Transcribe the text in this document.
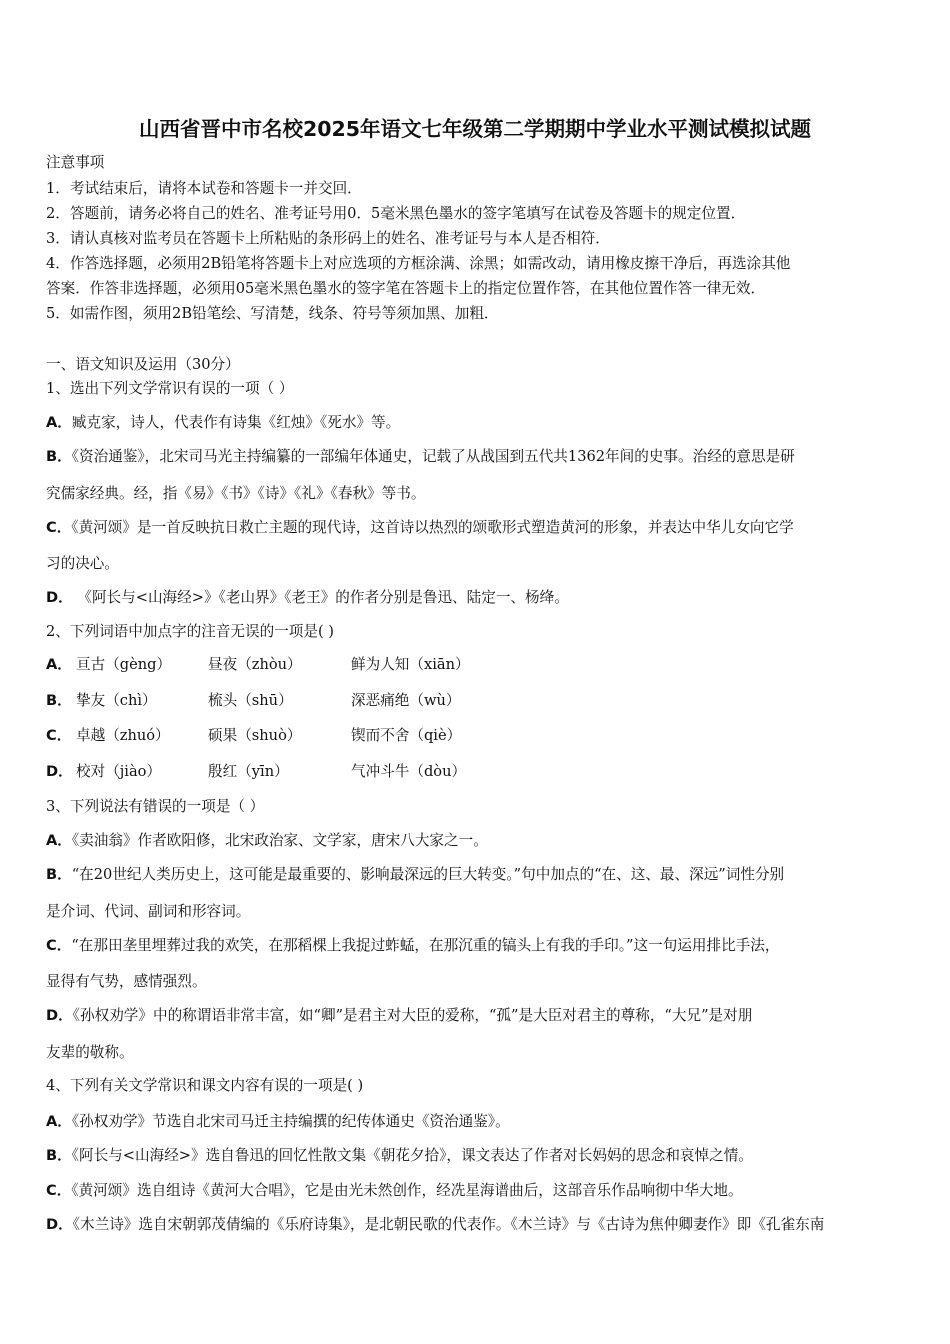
山西省晋中市名校2025年语文七年级第二学期期中学业水平测试模拟试题
注意事项
1．考试结束后，请将本试卷和答题卡一并交回．
2．答题前，请务必将自己的姓名、准考证号用0．5毫米黑色墨水的签字笔填写在试卷及答题卡的规定位置．
3．请认真核对监考员在答题卡上所粘贴的条形码上的姓名、准考证号与本人是否相符．
4．作答选择题，必须用2B铅笔将答题卡上对应选项的方框涂满、涂黑；如需改动，请用橡皮擦干净后，再选涂其他
答案．作答非选择题，必须用05毫米黑色墨水的签字笔在答题卡上的指定位置作答，在其他位置作答一律无效．
5．如需作图，须用2B铅笔绘、写清楚，线条、符号等须加黑、加粗．
一、语文知识及运用（30分）
1、选出下列文学常识有误的一项（ ）
A．臧克家，诗人，代表作有诗集《红烛》《死水》等。
B．《资治通鉴》，北宋司马光主持编纂的一部编年体通史，记载了从战国到五代共1362年间的史事。治经的意思是研
究儒家经典。经，指《易》《书》《诗》《礼》《春秋》等书。
C．《黄河颂》是一首反映抗日救亡主题的现代诗，这首诗以热烈的颂歌形式塑造黄河的形象，并表达中华儿女向它学
习的决心。
D． 《阿长与<山海经>》《老山界》《老王》的作者分别是鲁迅、陆定一、杨绛。
2、下列词语中加点字的注音无误的一项是( )
A． 亘古（gèng）	昼夜（zhòu）	鲜为人知（xiān）
B． 挚友（chì）	梳头（shū）	深恶痛绝（wù）
C． 卓越（zhuó）	硕果（shuò）	锲而不舍（qiè）
D． 校对（jiào）	殷红（yīn）	气冲斗牛（dòu）
3、下列说法有错误的一项是（ ）
A．《卖油翁》作者欧阳修，北宋政治家、文学家，唐宋八大家之一。
B．“在20世纪人类历史上，这可能是最重要的、影响最深远的巨大转变。”句中加点的“在、这、最、深远”词性分别
是介词、代词、副词和形容词。
C．“在那田垄里埋葬过我的欢笑，在那稻棵上我捉过蚱蜢，在那沉重的镐头上有我的手印。”这一句运用排比手法，
显得有气势，感情强烈。
D．《孙权劝学》中的称谓语非常丰富，如“卿”是君主对大臣的爱称，“孤”是大臣对君主的尊称，“大兄”是对朋
友辈的敬称。
4、下列有关文学常识和课文内容有误的一项是( )
A．《孙权劝学》节选自北宋司马迁主持编撰的纪传体通史《资治通鉴》。
B．《阿长与<山海经>》选自鲁迅的回忆性散文集《朝花夕拾》，课文表达了作者对长妈妈的思念和哀悼之情。
C．《黄河颂》选自组诗《黄河大合唱》，它是由光未然创作，经冼星海谱曲后，这部音乐作品响彻中华大地。
D．《木兰诗》选自宋朝郭茂倩编的《乐府诗集》，是北朝民歌的代表作。《木兰诗》与《古诗为焦仲卿妻作》即《孔雀东南
